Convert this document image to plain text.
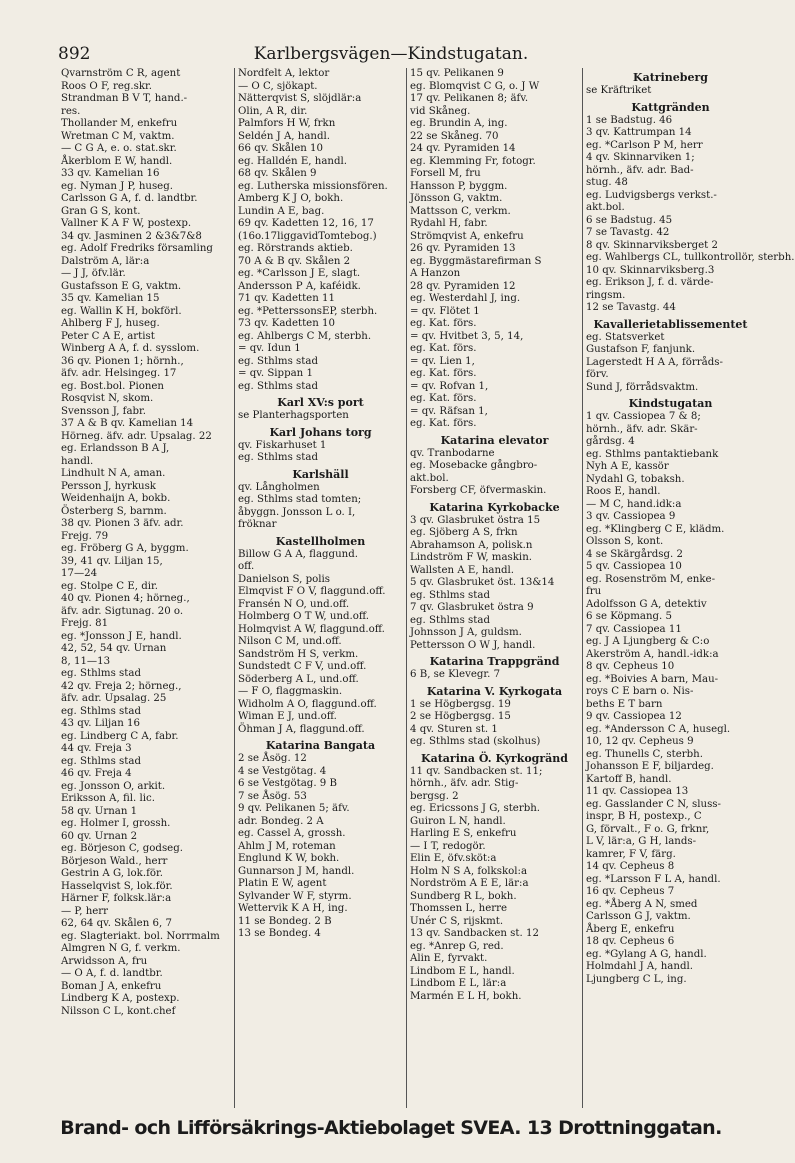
892	Karlbergsvägen—Kindstugatan.
Qvarnström C R, agent
Roos O F, reg.skr.
Strandman B V T, hand.-
res.
Thollander M, enkefru
Wretman C M, vaktm.
— C G A, e. o. stat.skr.
Åkerblom E W, handl.
33 qv. Kamelian 16
eg. Nyman J P, huseg.
Carlsson G A, f. d. landtbr.
Gran G S, kont.
Vallner K A F W, postexp.
34 qv. Jasminen 2 &3&7&8
eg. Adolf Fredriks församling
Dalström A, lär:a
— J J, öfv.lär.
Gustafsson E G, vaktm.
35 qv. Kamelian 15
eg. Wallin K H, bokförl.
Ahlberg F J, huseg.
Peter C A E, artist
Winberg A A, f. d. sysslom.
36 qv. Pionen 1; hörnh.,
äfv. adr. Helsingeg. 17
eg. Bost.bol. Pionen
Rosqvist N, skom.
Svensson J, fabr.
37 A & B qv. Kamelian 14
Hörneg. äfv. adr. Upsalag. 22
eg. Erlandsson B A J,
handl.
Lindhult N A, aman.
Persson J, hyrkusk
Weidenhaijn A, bokb.
Österberg S, barnm.
38 qv. Pionen 3 äfv. adr.
Frejg. 79
eg. Fröberg G A, byggm.
39, 41 qv. Liljan 15,
17—24
eg. Stolpe C E, dir.
40 qv. Pionen 4; hörneg.,
äfv. adr. Sigtunag. 20 o.
Frejg. 81
eg. *Jonsson J E, handl.
42, 52, 54 qv. Urnan
8, 11—13
eg. Sthlms stad
42 qv. Freja 2; hörneg.,
äfv. adr. Upsalag. 25
eg. Sthlms stad
43 qv. Liljan 16
eg. Lindberg C A, fabr.
44 qv. Freja 3
eg. Sthlms stad
46 qv. Freja 4
eg. Jonsson O, arkit.
Eriksson A, fil. lic.
58 qv. Urnan 1
eg. Holmer I, grossh.
60 qv. Urnan 2
eg. Börjeson C, godseg.
Börjeson Wald., herr
Gestrin A G, lok.för.
Hasselqvist S, lok.för.
Härner F, folksk.lär:a
— P, herr
62, 64 qv. Skålen 6, 7
eg. Slagteriakt. bol. Norrmalm
Almgren N G, f. verkm.
Arwidsson A, fru
— O A, f. d. landtbr.
Boman J A, enkefru
Lindberg K A, postexp.
Nilsson C L, kont.chef
Nordfelt A, lektor
— O C, sjökapt.
Nätterqvist S, slöjdlär:a
Olin, A R, dir.
Palmfors H W, frkn
Seldén J A, handl.
66 qv. Skålen 10
eg. Halldén E, handl.
68 qv. Skålen 9
eg. Lutherska missionsfören.
Amberg K J O, bokh.
Lundin A E, bag.
69 qv. Kadetten 12, 16, 17
(16o.17liggavidTomtebog.)
eg. Rörstrands aktieb.
70 A & B qv. Skålen 2
eg. *Carlsson J E, slagt.
Andersson P A, kaféidk.
71 qv. Kadetten 11
eg. *PetterssonsEP, sterbh.
73 qv. Kadetten 10
eg. Ahlbergs C M, sterbh.
= qv. Idun 1
eg. Sthlms stad
= qv. Sippan 1
eg. Sthlms stad
Karl XV:s port
se Planterhagsporten
Karl Johans torg
qv. Fiskarhuset 1
eg. Sthlms stad
Karlshäll
qv. Långholmen
eg. Sthlms stad tomten;
åbyggn. Jonsson L o. I,
fröknar
Kastellholmen
Billow G A A, flaggund.
off.
Danielson S, polis
Elmqvist F O V, flaggund.off.
Fransén N O, und.off.
Holmberg O T W, und.off.
Holmqvist A W, flaggund.off.
Nilson C M, und.off.
Sandström H S, verkm.
Sundstedt C F V, und.off.
Söderberg A L, und.off.
— F O, flaggmaskin.
Widholm A O, flaggund.off.
Wiman E J, und.off.
Öhman J A, flaggund.off.
Katarina Bangata
2 se Åsög. 12
4 se Vestgötag. 4
6 se Vestgötag. 9 B
7 se Åsög. 53
9 qv. Pelikanen 5; äfv.
adr. Bondeg. 2 A
eg. Cassel A, grossh.
Ahlm J M, roteman
Englund K W, bokh.
Gunnarson J M, handl.
Platin E W, agent
Sylvander W F, styrm.
Wettervik K A H, ing.
11 se Bondeg. 2 B
13 se Bondeg. 4
15 qv. Pelikanen 9
eg. Blomqvist C G, o. J W
17 qv. Pelikanen 8; äfv.
vid Skåneg.
eg. Brundin A, ing.
22 se Skåneg. 70
24 qv. Pyramiden 14
eg. Klemming Fr, fotogr.
Forsell M, fru
Hansson P, byggm.
Jönsson G, vaktm.
Mattsson C, verkm.
Rydahl H, fabr.
Strömqvist A, enkefru
26 qv. Pyramiden 13
eg. Byggmästarefirman S
A Hanzon
28 qv. Pyramiden 12
eg. Westerdahl J, ing.
= qv. Flötet 1
eg. Kat. förs.
= qv. Hvitbet 3, 5, 14,
eg. Kat. förs.
= qv. Lien 1,
eg. Kat. förs.
= qv. Rofvan 1,
eg. Kat. förs.
= qv. Räfsan 1,
eg. Kat. förs.
Katarina elevator
qv. Tranbodarne
eg. Mosebacke gångbro-
akt.bol.
Forsberg CF, öfvermaskin.
Katarina Kyrkobacke
3 qv. Glasbruket östra 15
eg. Sjöberg A S, frkn
Abrahamson A, polisk.n
Lindström F W, maskin.
Wallsten A E, handl.
5 qv. Glasbruket öst. 13&14
eg. Sthlms stad
7 qv. Glasbruket östra 9
eg. Sthlms stad
Johnsson J A, guldsm.
Pettersson O W J, handl.
Katarina Trappgränd
6 B, se Klevegr. 7
Katarina V. Kyrkogata
1 se Högbergsg. 19
2 se Högbergsg. 15
4 qv. Sturen st. 1
eg. Sthlms stad (skolhus)
Katarina Ö. Kyrkogränd
11 qv. Sandbacken st. 11;
hörnh., äfv. adr. Stig-
bergsg. 2
eg. Ericssons J G, sterbh.
Guiron L N, handl.
Harling E S, enkefru
— I T, redogör.
Elin E, öfv.sköt:a
Holm N S A, folkskol:a
Nordström A E E, lär:a
Sundberg R L, bokh.
Thomssen L, herre
Unér C S, rijskmt.
13 qv. Sandbacken st. 12
eg. *Anrep G, red.
Alin E, fyrvakt.
Lindbom E L, handl.
Lindbom E L, lär:a
Marmén E L H, bokh.
Katrineberg
se Kräftriket
Kattgränden
1 se Badstug. 46
3 qv. Kattrumpan 14
eg. *Carlson P M, herr
4 qv. Skinnarviken 1;
hörnh., äfv. adr. Bad-
stug. 48
eg. Ludvigsbergs verkst.-
akt.bol.
6 se Badstug. 45
7 se Tavastg. 42
8 qv. Skinnarviksberget 2
eg. Wahlbergs CL, tullkontrollör, sterbh.
10 qv. Skinnarviksberg.3
eg. Erikson J, f. d. värde-
ringsm.
12 se Tavastg. 44
Kavallerietablissementet
eg. Statsverket
Gustafson F, fanjunk.
Lagerstedt H A A, förråds-
förv.
Sund J, förrådsvaktm.
Kindstugatan
1 qv. Cassiopea 7 & 8;
hörnh., äfv. adr. Skär-
gårdsg. 4
eg. Sthlms pantaktiebank
Nyh A E, kassör
Nydahl G, tobaksh.
Roos E, handl.
— M C, hand.idk:a
3 qv. Cassiopea 9
eg. *Klingberg C E, klädm.
Olsson S, kont.
4 se Skärgårdsg. 2
5 qv. Cassiopea 10
eg. Rosenström M, enke-
fru
Adolfsson G A, detektiv
6 se Köpmang. 5
7 qv. Cassiopea 11
eg. J A Ljungberg & C:o
Akerström A, handl.-idk:a
8 qv. Cepheus 10
eg. *Boivies A barn, Mau-
roys C E barn o. Nis-
beths E T barn
9 qv. Cassiopea 12
eg. *Andersson C A, husegl.
10, 12 qv. Cepheus 9
eg. Thunells C, sterbh.
Johansson E F, biljardeg.
Kartoff B, handl.
11 qv. Cassiopea 13
eg. Gasslander C N, sluss-
inspr, B H, postexp., C
G, förvalt., F o. G, frknr,
L V, lär:a, G H, lands-
kamrer, F V, färg.
14 qv. Cepheus 8
eg. *Larsson F L A, handl.
16 qv. Cepheus 7
eg. *Åberg A N, smed
Carlsson G J, vaktm.
Åberg E, enkefru
18 qv. Cepheus 6
eg. *Gylang A G, handl.
Holmdahl J A, handl.
Ljungberg C L, ing.
Brand- och Lifförsäkrings-Aktiebolaget SVEA. 13 Drottninggatan.
